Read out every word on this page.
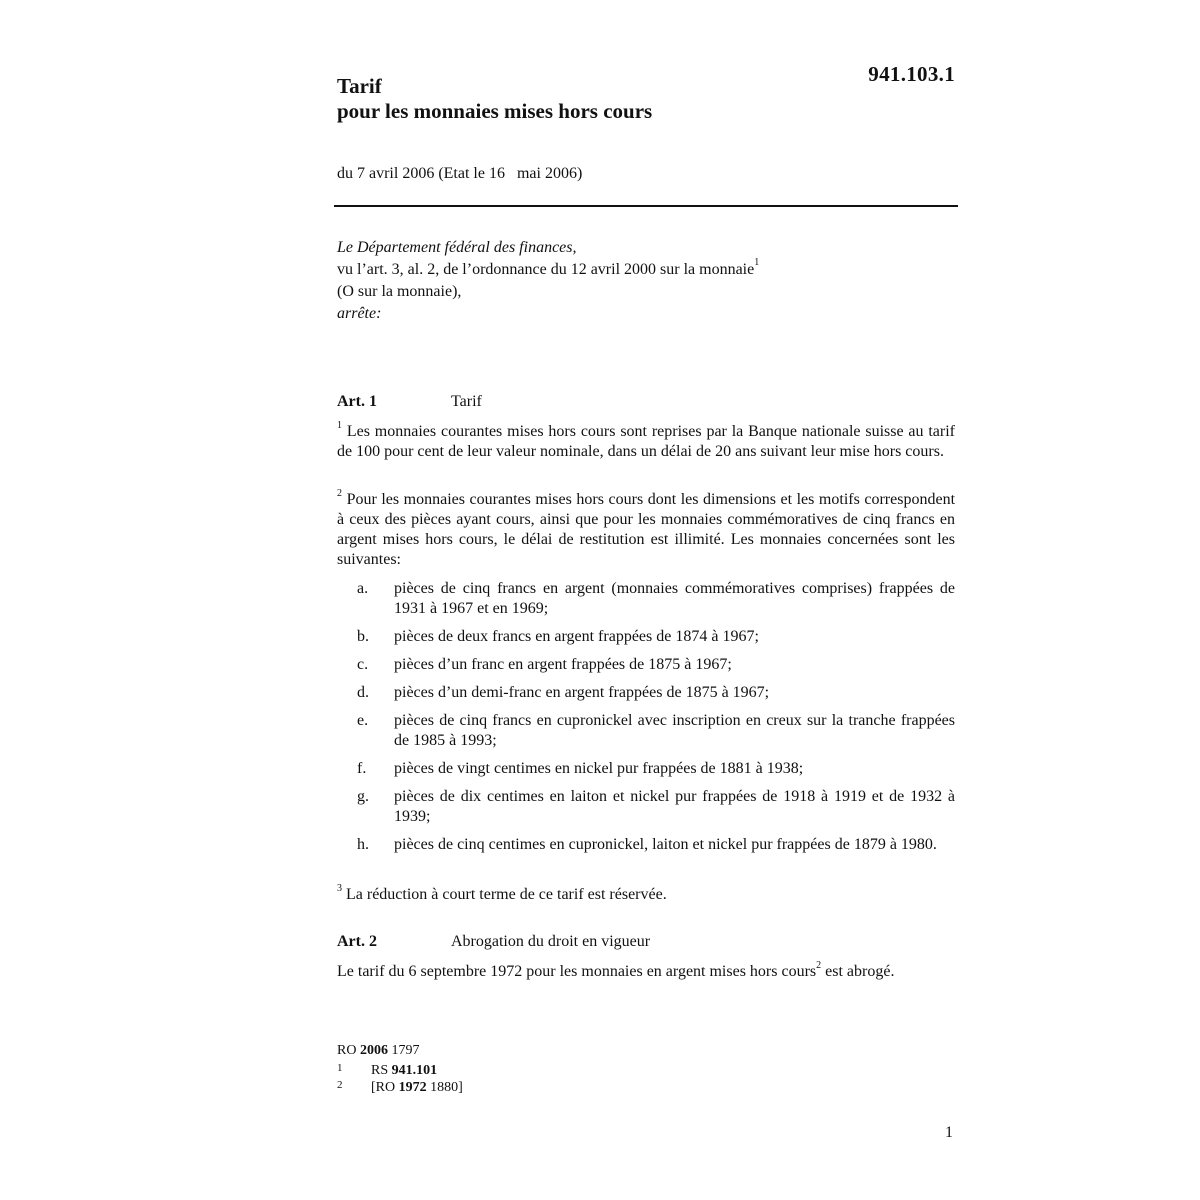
941.103.1
Tarif
pour les monnaies mises hors cours
du 7 avril 2006 (Etat le 16   mai 2006)
Le Département fédéral des finances,
vu l’art. 3, al. 2, de l’ordonnance du 12 avril 2000 sur la monnaie$^1$
(O sur la monnaie),
arrête:
Art. 1	Tarif
$^1$ Les monnaies courantes mises hors cours sont reprises par la Banque nationale suisse au tarif de 100 pour cent de leur valeur nominale, dans un délai de 20 ans suivant leur mise hors cours.
$^2$ Pour les monnaies courantes mises hors cours dont les dimensions et les motifs correspondent à ceux des pièces ayant cours, ainsi que pour les monnaies commémoratives de cinq francs en argent mises hors cours, le délai de restitution est illimité. Les monnaies concernées sont les suivantes:
a. pièces de cinq francs en argent (monnaies commémoratives comprises) frappées de 1931 à 1967 et en 1969;
b. pièces de deux francs en argent frappées de 1874 à 1967;
c. pièces d’un franc en argent frappées de 1875 à 1967;
d. pièces d’un demi-franc en argent frappées de 1875 à 1967;
e. pièces de cinq francs en cupronickel avec inscription en creux sur la tranche frappées de 1985 à 1993;
f. pièces de vingt centimes en nickel pur frappées de 1881 à 1938;
g. pièces de dix centimes en laiton et nickel pur frappées de 1918 à 1919 et de 1932 à 1939;
h. pièces de cinq centimes en cupronickel, laiton et nickel pur frappées de 1879 à 1980.
$^3$ La réduction à court terme de ce tarif est réservée.
Art. 2	Abrogation du droit en vigueur
Le tarif du 6 septembre 1972 pour les monnaies en argent mises hors cours$^2$ est abrogé.
RO 2006 1797
1 RS 941.101
2 [RO 1972 1880]
1
